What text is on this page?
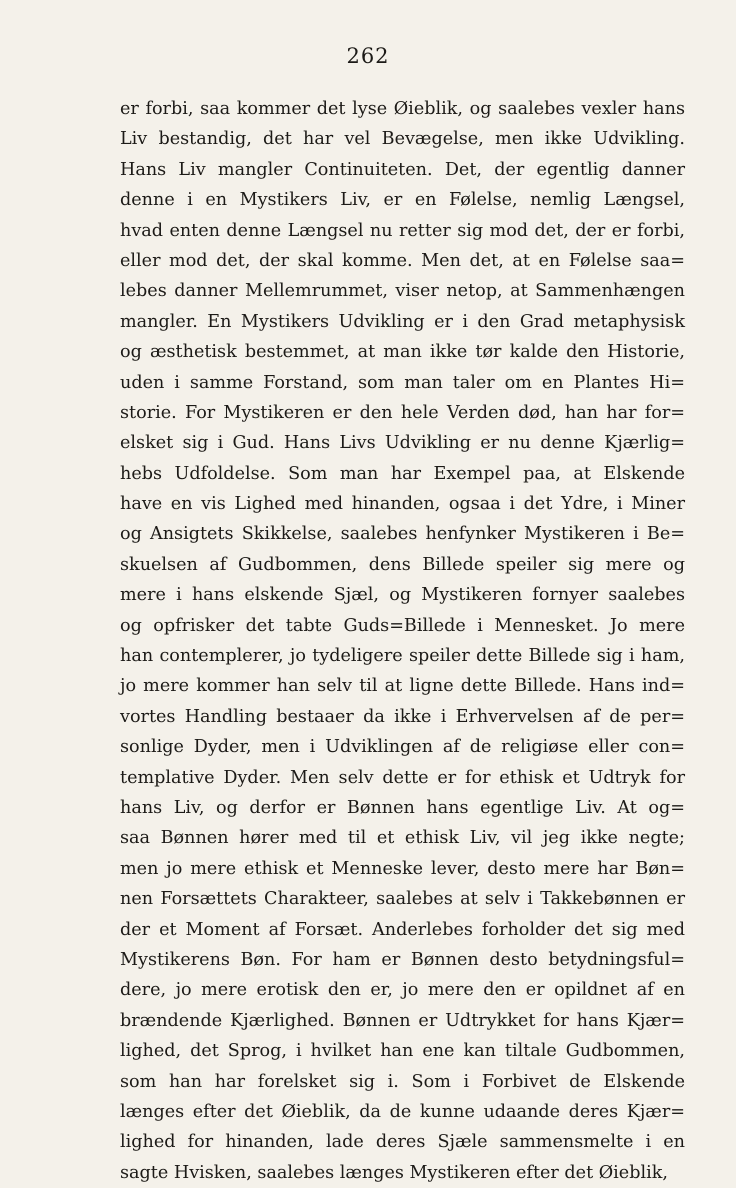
262
er forbi, saa kommer det lyse Øieblik, og saalebes vexler hans
Liv bestandig, det har vel Bevægelse, men ikke Udvikling.
Hans Liv mangler Continuiteten. Det, der egentlig danner
denne i en Mystikers Liv, er en Følelse, nemlig Længsel,
hvad enten denne Længsel nu retter sig mod det, der er forbi,
eller mod det, der skal komme. Men det, at en Følelse saa=
lebes danner Mellemrummet, viser netop, at Sammenhængen
mangler. En Mystikers Udvikling er i den Grad metaphysisk
og æsthetisk bestemmet, at man ikke tør kalde den Historie,
uden i samme Forstand, som man taler om en Plantes Hi=
storie. For Mystikeren er den hele Verden død, han har for=
elsket sig i Gud. Hans Livs Udvikling er nu denne Kjærlig=
hebs Udfoldelse. Som man har Exempel paa, at Elskende
have en vis Lighed med hinanden, ogsaa i det Ydre, i Miner
og Ansigtets Skikkelse, saalebes henfynker Mystikeren i Be=
skuelsen af Gudbommen, dens Billede speiler sig mere og
mere i hans elskende Sjæl, og Mystikeren fornyer saalebes
og opfrisker det tabte Guds=Billede i Mennesket. Jo mere
han contemplerer, jo tydeligere speiler dette Billede sig i ham,
jo mere kommer han selv til at ligne dette Billede. Hans ind=
vortes Handling bestaaer da ikke i Erhvervelsen af de per=
sonlige Dyder, men i Udviklingen af de religiøse eller con=
templative Dyder. Men selv dette er for ethisk et Udtryk for
hans Liv, og derfor er Bønnen hans egentlige Liv. At og=
saa Bønnen hører med til et ethisk Liv, vil jeg ikke negte;
men jo mere ethisk et Menneske lever, desto mere har Bøn=
nen Forsættets Charakteer, saalebes at selv i Takkebønnen er
der et Moment af Forsæt. Anderlebes forholder det sig med
Mystikerens Bøn. For ham er Bønnen desto betydningsful=
dere, jo mere erotisk den er, jo mere den er opildnet af en
brændende Kjærlighed. Bønnen er Udtrykket for hans Kjær=
lighed, det Sprog, i hvilket han ene kan tiltale Gudbommen,
som han har forelsket sig i. Som i Forbivet de Elskende
længes efter det Øieblik, da de kunne udaande deres Kjær=
lighed for hinanden, lade deres Sjæle sammensmelte i en
sagte Hvisken, saalebes længes Mystikeren efter det Øieblik,
